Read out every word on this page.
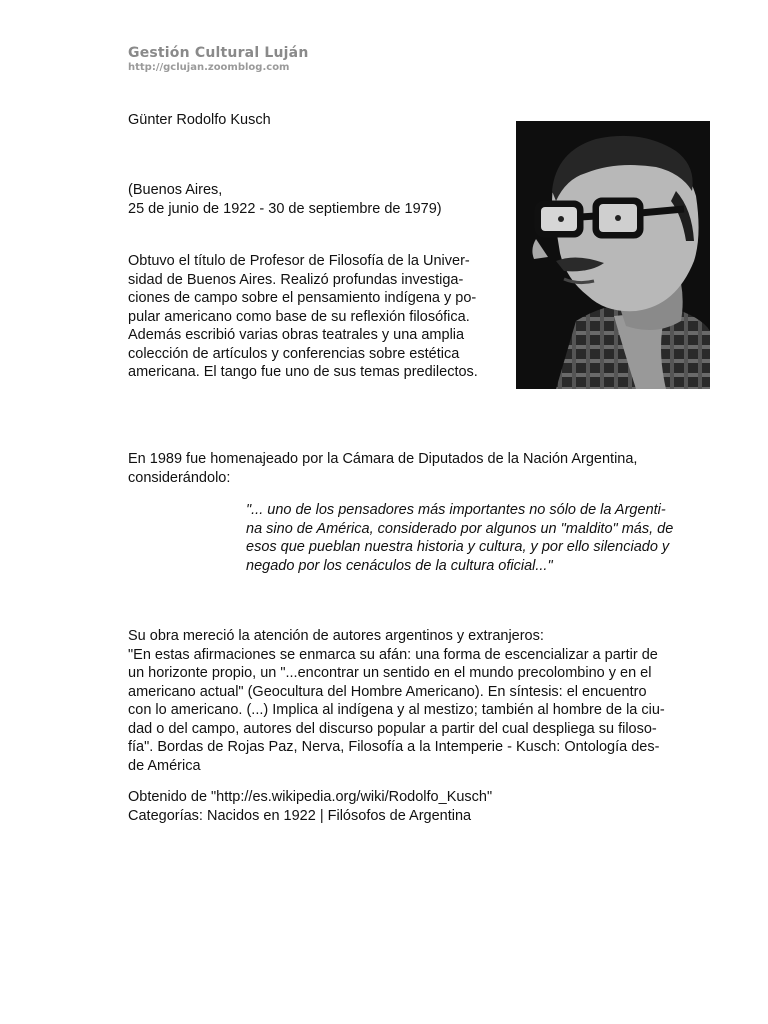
Gestión Cultural Luján
http://gclujan.zoomblog.com
Günter Rodolfo Kusch
(Buenos Aires,
25 de junio de 1922 - 30 de septiembre de 1979)
Obtuvo el título de Profesor de Filosofía de la Univer-
sidad de Buenos Aires. Realizó profundas investiga-
ciones de campo sobre el pensamiento indígena y po-
pular americano como base de su reflexión filosófica.
Además escribió varias obras teatrales y una amplia
colección de artículos y conferencias sobre estética
americana. El tango fue uno de sus temas predilectos.
En 1989 fue homenajeado por la Cámara de Diputados de la Nación Argentina,
considerándolo:
"... uno de los pensadores más importantes no sólo de la Argenti-
na sino de América, considerado por algunos un "maldito" más, de
esos que pueblan nuestra historia y cultura, y por ello silenciado y
negado por los cenáculos de la cultura oficial..."
Su obra mereció la atención de autores argentinos y extranjeros:
"En estas afirmaciones se enmarca su afán: una forma de escencializar a partir de
un horizonte propio, un "...encontrar un sentido en el mundo precolombino y en el
americano actual" (Geocultura del Hombre Americano). En síntesis: el encuentro
con lo americano. (...) Implica al indígena y al mestizo; también al hombre de la ciu-
dad o del campo, autores del discurso popular a partir del cual despliega su filoso-
fía". Bordas de Rojas Paz, Nerva, Filosofía a la Intemperie - Kusch: Ontología des-
de América
Obtenido de "http://es.wikipedia.org/wiki/Rodolfo_Kusch"
Categorías: Nacidos en 1922 | Filósofos de Argentina
